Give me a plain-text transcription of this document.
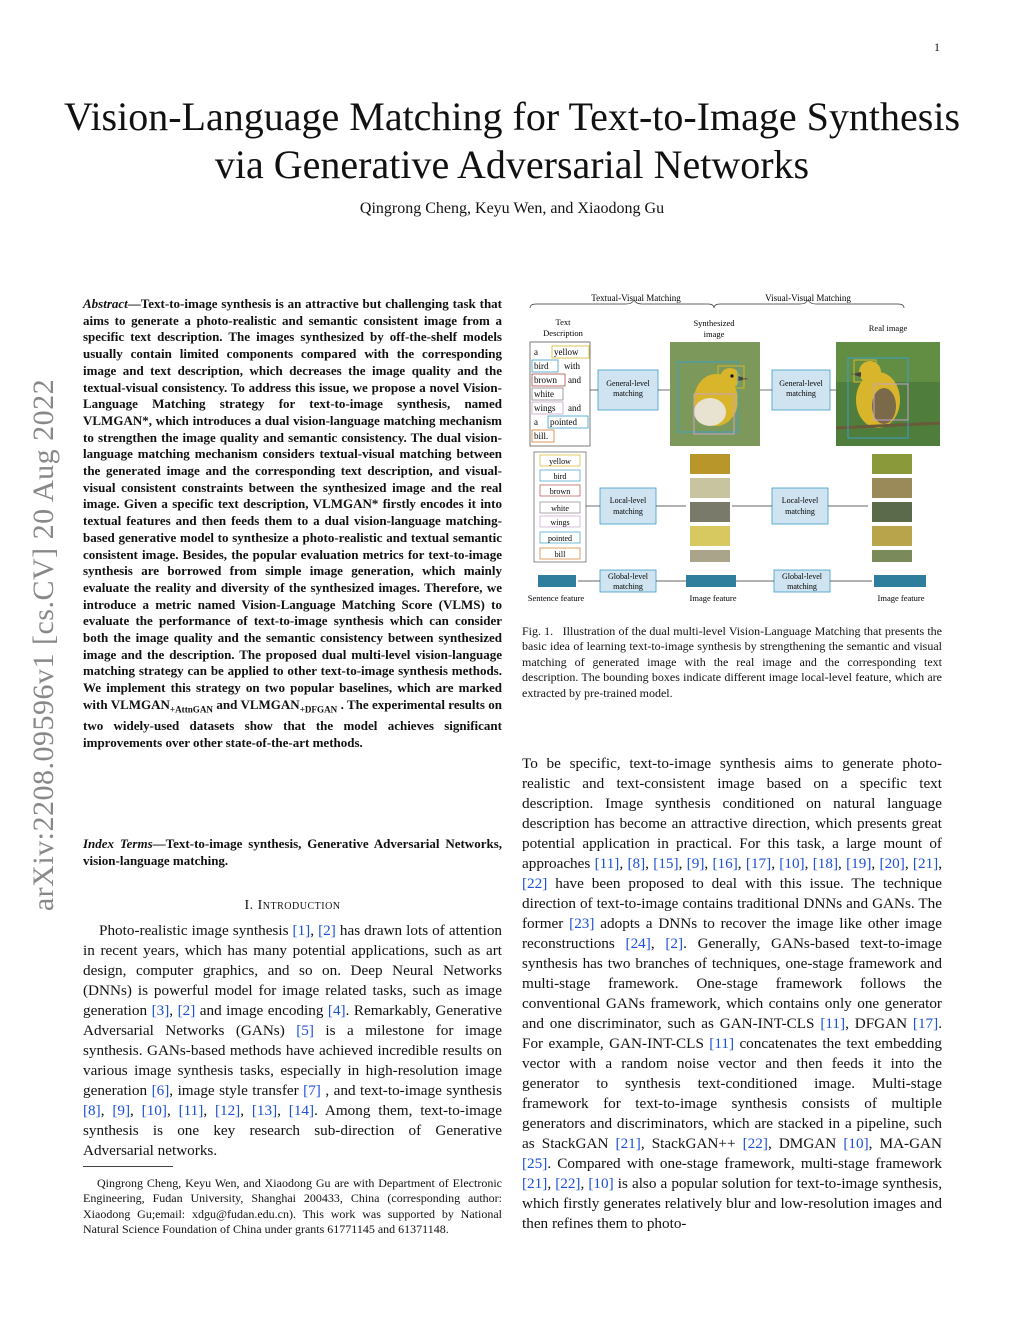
1
arXiv:2208.09596v1 [cs.CV] 20 Aug 2022
Vision-Language Matching for Text-to-Image Synthesis via Generative Adversarial Networks
Qingrong Cheng, Keyu Wen, and Xiaodong Gu
Abstract—Text-to-image synthesis is an attractive but challenging task that aims to generate a photo-realistic and semantic consistent image from a specific text description. The images synthesized by off-the-shelf models usually contain limited components compared with the corresponding image and text description, which decreases the image quality and the textual-visual consistency. To address this issue, we propose a novel Vision-Language Matching strategy for text-to-image synthesis, named VLMGAN*, which introduces a dual vision-language matching mechanism to strengthen the image quality and semantic consistency. The dual vision-language matching mechanism considers textual-visual matching between the generated image and the corresponding text description, and visual-visual consistent constraints between the synthesized image and the real image. Given a specific text description, VLMGAN* firstly encodes it into textual features and then feeds them to a dual vision-language matching-based generative model to synthesize a photo-realistic and textual semantic consistent image. Besides, the popular evaluation metrics for text-to-image synthesis are borrowed from simple image generation, which mainly evaluate the reality and diversity of the synthesized images. Therefore, we introduce a metric named Vision-Language Matching Score (VLMS) to evaluate the performance of text-to-image synthesis which can consider both the image quality and the semantic consistency between synthesized image and the description. The proposed dual multi-level vision-language matching strategy can be applied to other text-to-image synthesis methods. We implement this strategy on two popular baselines, which are marked with $VLMGAN_{+AttnGAN}$ and $VLMGAN_{+DFGAN}$ . The experimental results on two widely-used datasets show that the model achieves significant improvements over other state-of-the-art methods.
Index Terms—Text-to-image synthesis, Generative Adversarial Networks, vision-language matching.
I. Introduction
Photo-realistic image synthesis [1], [2] has drawn lots of attention in recent years, which has many potential applications, such as art design, computer graphics, and so on. Deep Neural Networks (DNNs) is powerful model for image related tasks, such as image generation [3], [2] and image encoding [4]. Remarkably, Generative Adversarial Networks (GANs) [5] is a milestone for image synthesis. GANs-based methods have achieved incredible results on various image synthesis tasks, especially in high-resolution image generation [6], image style transfer [7] , and text-to-image synthesis [8], [9], [10], [11], [12], [13], [14]. Among them, text-to-image synthesis is one key research sub-direction of Generative Adversarial networks.
Qingrong Cheng, Keyu Wen, and Xiaodong Gu are with Department of Electronic Engineering, Fudan University, Shanghai 200433, China (corresponding author: Xiaodong Gu;email: xdgu@fudan.edu.cn). This work was supported by National Natural Science Foundation of China under grants 61771145 and 61371148.
Textual-Visual Matching	Visual-Visual Matching
Text
Description
Synthesized
image
Real image
a yellow
bird with
brown and
white
wings and
a pointed
bill.
yellow
bird
brown
white
wings
pointed
bill
General-level
matching
General-level
matching
Local-level
matching
Local-level
matching
Global-level
matching
Global-level
matching
Sentence feature	Image feature	Image feature
Fig. 1. Illustration of the dual multi-level Vision-Language Matching that presents the basic idea of learning text-to-image synthesis by strengthening the semantic and visual matching of generated image with the real image and the corresponding text description. The bounding boxes indicate different image local-level feature, which are extracted by pre-trained model.
To be specific, text-to-image synthesis aims to generate photo-realistic and text-consistent image based on a specific text description. Image synthesis conditioned on natural language description has become an attractive direction, which presents great potential application in practical. For this task, a large mount of approaches [11], [8], [15], [9], [16], [17], [10], [18], [19], [20], [21], [22] have been proposed to deal with this issue. The technique direction of text-to-image contains traditional DNNs and GANs. The former [23] adopts a DNNs to recover the image like other image reconstructions [24], [2]. Generally, GANs-based text-to-image synthesis has two branches of techniques, one-stage framework and multi-stage framework. One-stage framework follows the conventional GANs framework, which contains only one generator and one discriminator, such as GAN-INT-CLS [11], DFGAN [17]. For example, GAN-INT-CLS [11] concatenates the text embedding vector with a random noise vector and then feeds it into the generator to synthesis text-conditioned image. Multi-stage framework for text-to-image synthesis consists of multiple generators and discriminators, which are stacked in a pipeline, such as StackGAN [21], StackGAN++ [22], DMGAN [10], MA-GAN [25]. Compared with one-stage framework, multi-stage framework [21], [22], [10] is also a popular solution for text-to-image synthesis, which firstly generates relatively blur and low-resolution images and then refines them to photo-
